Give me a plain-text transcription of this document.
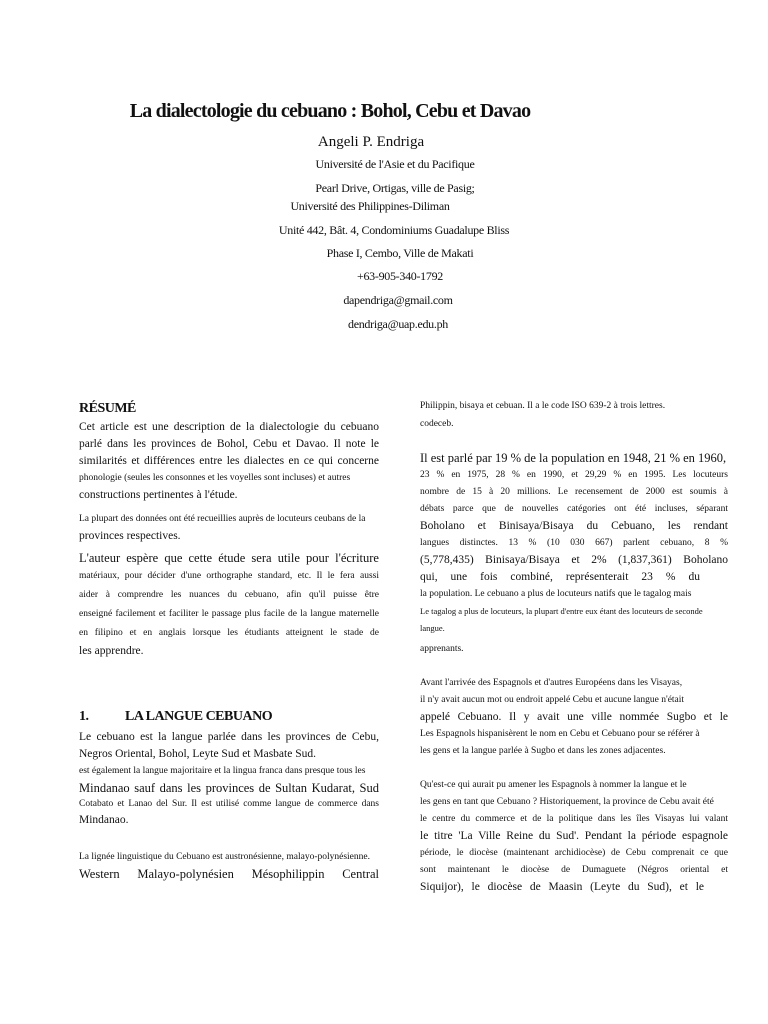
La dialectologie du cebuano : Bohol, Cebu et Davao
Angeli P. Endriga
Université de l'Asie et du Pacifique
Pearl Drive, Ortigas, ville de Pasig;
Université des Philippines-Diliman
Unité 442, Bât. 4, Condominiums Guadalupe Bliss
Phase I, Cembo, Ville de Makati
+63-905-340-1792
dapendriga@gmail.com
dendriga@uap.edu.ph
RÉSUMÉ

Cet article est une description de la dialectologie du cebuano

parlé dans les provinces de Bohol, Cebu et Davao. Il note le

similarités et différences entre les dialectes en ce qui concerne

phonologie (seules les consonnes et les voyelles sont incluses) et autres

constructions pertinentes à l'étude.

La plupart des données ont été recueillies auprès de locuteurs ceubans de la

provinces respectives.

L'auteur espère que cette étude sera utile pour l'écriture

matériaux, pour décider d'une orthographe standard, etc. Il le fera aussi

aider à comprendre les nuances du cebuano, afin qu'il puisse être

enseigné facilement et faciliter le passage plus facile de la langue maternelle

en filipino et en anglais lorsque les étudiants atteignent le stade de

les apprendre.

1.	LA LANGUE CEBUANO

Le cebuano est la langue parlée dans les provinces de Cebu,

Negros Oriental, Bohol, Leyte Sud et Masbate Sud.

est également la langue majoritaire et la lingua franca dans presque tous les

Mindanao sauf dans les provinces de Sultan Kudarat, Sud

Cotabato et Lanao del Sur. Il est utilisé comme langue de commerce dans

Mindanao.

La lignée linguistique du Cebuano est austronésienne, malayo-polynésienne.

Western Malayo-polynésien Mésophilippin Central

Philippin, bisaya et cebuan. Il a le code ISO 639-2 à trois lettres.

codeceb.

Il est parlé par 19 % de la population en 1948, 21 % en 1960,

23 % en 1975, 28 % en 1990, et 29,29 % en 1995. Les locuteurs

nombre de 15 à 20 millions. Le recensement de 2000 est soumis à

débats parce que de nouvelles catégories ont été incluses, séparant

Boholano et Binisaya/Bisaya du Cebuano, les rendant

langues distinctes. 13 % (10 030 667) parlent cebuano, 8 %

(5,778,435) Binisaya/Bisaya et 2% (1,837,361) Boholano

qui, une fois combiné, représenterait 23 % du

la population. Le cebuano a plus de locuteurs natifs que le tagalog mais

Le tagalog a plus de locuteurs, la plupart d'entre eux étant des locuteurs de seconde langue.

apprenants.

Avant l'arrivée des Espagnols et d'autres Européens dans les Visayas,

il n'y avait aucun mot ou endroit appelé Cebu et aucune langue n'était

appelé Cebuano. Il y avait une ville nommée Sugbo et le

Les Espagnols hispanisèrent le nom en Cebu et Cebuano pour se référer à

les gens et la langue parlée à Sugbo et dans les zones adjacentes.

Qu'est-ce qui aurait pu amener les Espagnols à nommer la langue et le

les gens en tant que Cebuano ? Historiquement, la province de Cebu avait été

le centre du commerce et de la politique dans les îles Visayas lui valant

le titre 'La Ville Reine du Sud'. Pendant la période espagnole

période, le diocèse (maintenant archidiocèse) de Cebu comprenait ce que

sont maintenant le diocèse de Dumaguete (Négros oriental et

Siquijor), le diocèse de Maasin (Leyte du Sud), et le
